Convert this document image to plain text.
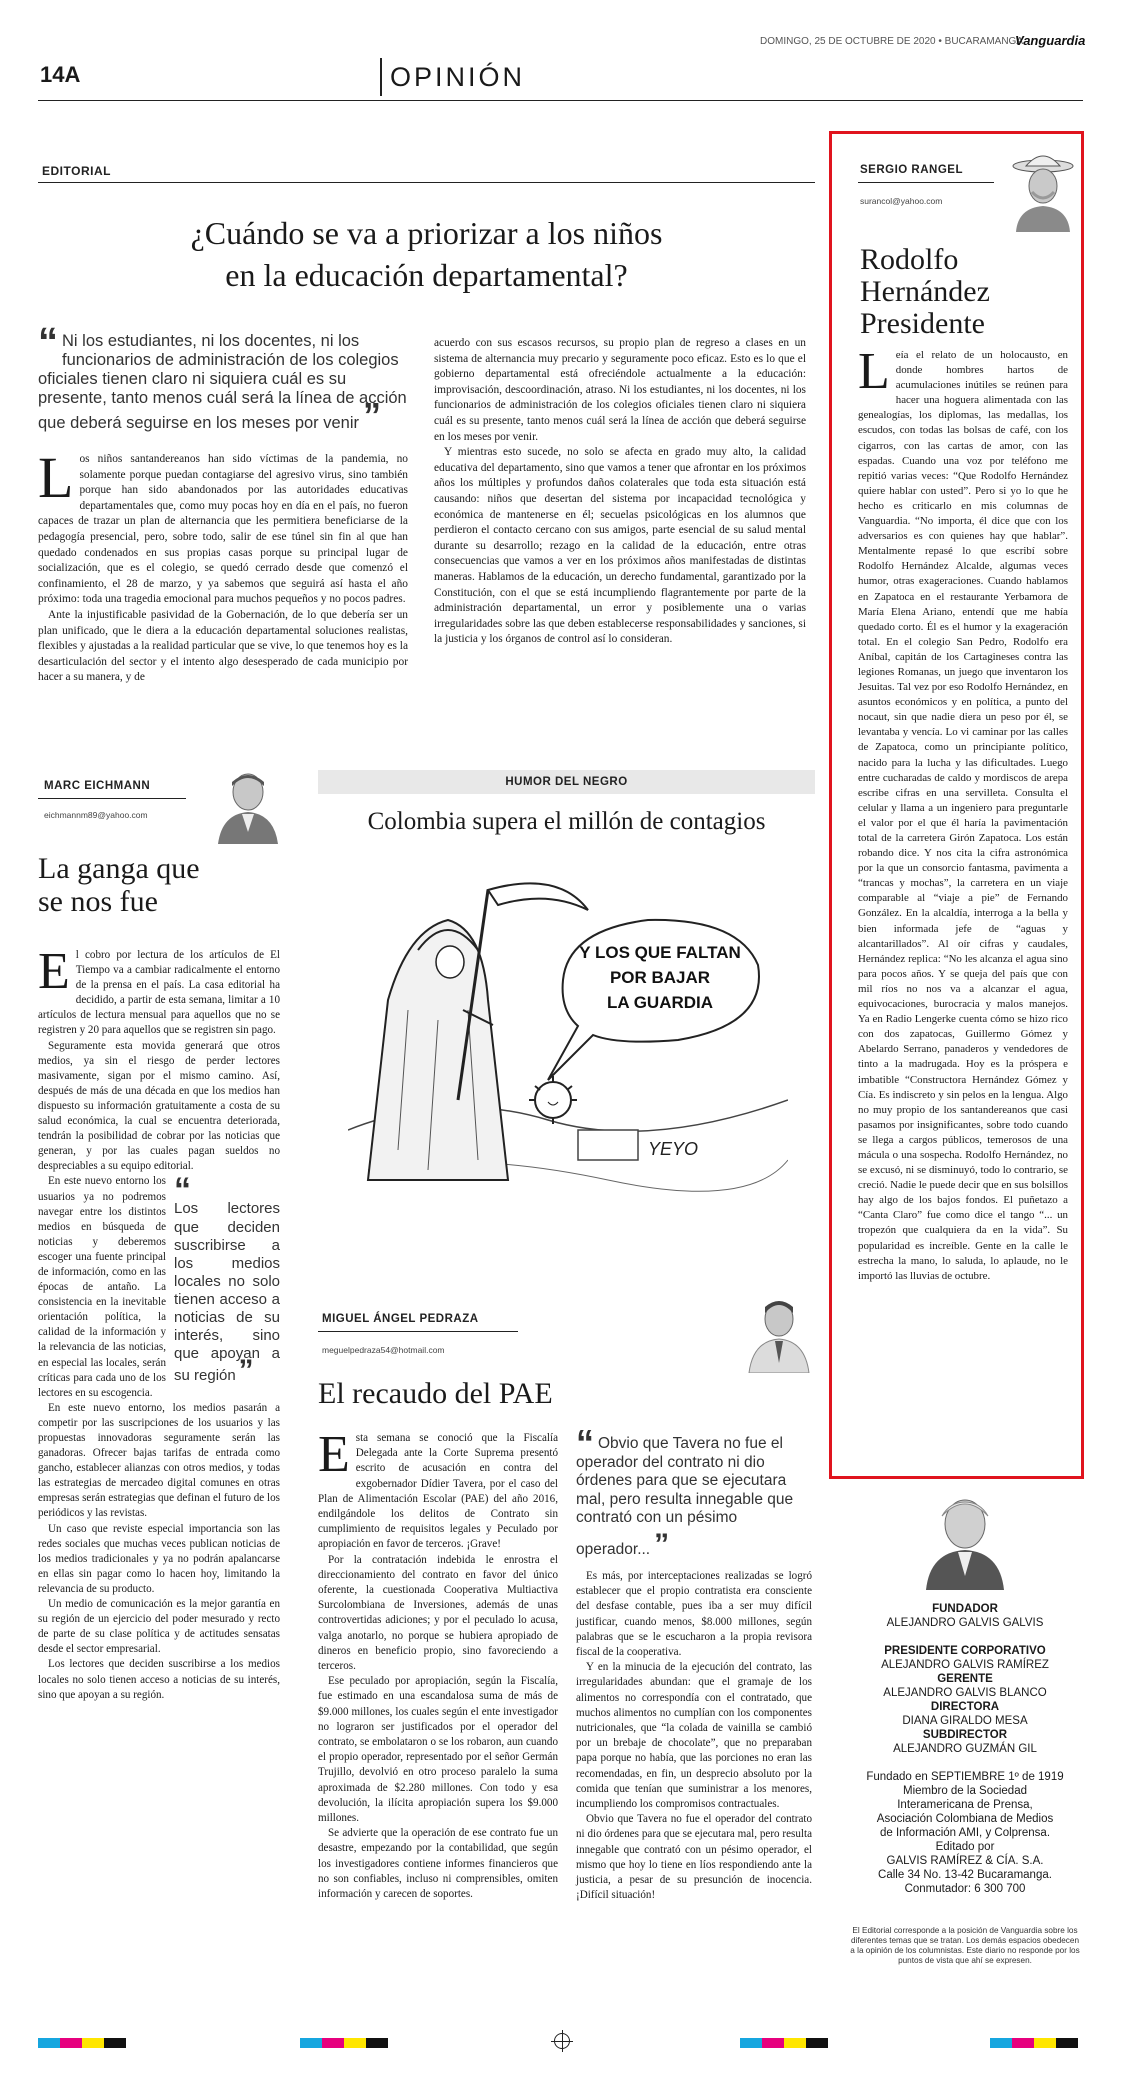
DOMINGO, 25 DE OCTUBRE DE 2020 • BUCARAMANGA
Vanguardia
14A	OPINIÓN
EDITORIAL
¿Cuándo se va a priorizar a los niños
en la educación departamental?
“ Ni los estudiantes, ni los docentes, ni los funcionarios de administración de los colegios oficiales tienen claro ni siquiera cuál es su presente, tanto menos cuál será la línea de acción que deberá seguirse en los meses por venir ”

Los niños santandereanos han sido víctimas de la pandemia, no solamente porque puedan contagiarse del agresivo virus, sino también porque han sido abandonados por las autoridades educativas departamentales que, como muy pocas hoy en día en el país, no fueron capaces de trazar un plan de alternancia que les permitiera beneficiarse de la pedagogía presencial, pero, sobre todo, salir de ese túnel sin fin al que han quedado condenados en sus propias casas porque su principal lugar de socialización, que es el colegio, se quedó cerrado desde que comenzó el confinamiento, el 28 de marzo, y ya sabemos que seguirá así hasta el año próximo: toda una tragedia emocional para muchos pequeños y no pocos padres.

Ante la injustificable pasividad de la Gobernación, de lo que debería ser un plan unificado, que le diera a la educación departamental soluciones realistas, flexibles y ajustadas a la realidad particular que se vive, lo que tenemos hoy es la desarticulación del sector y el intento algo desesperado de cada municipio por hacer a su manera, y de

acuerdo con sus escasos recursos, su propio plan de regreso a clases en un sistema de alternancia muy precario y seguramente poco eficaz. Esto es lo que el gobierno departamental está ofreciéndole actualmente a la educación: improvisación, descoordinación, atraso. Ni los estudiantes, ni los docentes, ni los funcionarios de administración de los colegios oficiales tienen claro ni siquiera cuál es su presente, tanto menos cuál será la línea de acción que deberá seguirse en los meses por venir.

Y mientras esto sucede, no solo se afecta en grado muy alto, la calidad educativa del departamento, sino que vamos a tener que afrontar en los próximos años los múltiples y profundos daños colaterales que toda esta situación está causando: niños que desertan del sistema por incapacidad tecnológica y económica de mantenerse en él; secuelas psicológicas en los alumnos que perdieron el contacto cercano con sus amigos, parte esencial de su salud mental durante su desarrollo; rezago en la calidad de la educación, entre otras consecuencias que vamos a ver en los próximos años manifestadas de distintas maneras. Hablamos de la educación, un derecho fundamental, garantizado por la Constitución, con el que se está incumpliendo flagrantemente por parte de la administración departamental, un error y posiblemente una o varias irregularidades sobre las que deben establecerse responsabilidades y sanciones, si la justicia y los órganos de control así lo consideran.

SERGIO RANGEL
surancol@yahoo.com
Rodolfo
Hernández
Presidente

Leía el relato de un holocausto, en donde hombres hartos de acumulaciones inútiles se reúnen para hacer una hoguera alimentada con las genealogías, los diplomas, las medallas, los escudos, con todas las bolsas de café, con los cigarros, con las cartas de amor, con las espadas. Cuando una voz por teléfono me repitió varias veces: “Que Rodolfo Hernández quiere hablar con usted”. Pero si yo lo que he hecho es criticarlo en mis columnas de Vanguardia. “No importa, él dice que con los adversarios es con quienes hay que hablar”. Mentalmente repasé lo que escribí sobre Rodolfo Hernández Alcalde, algumas veces humor, otras exageraciones. Cuando hablamos en Zapatoca en el restaurante Yerbamora de María Elena Ariano, entendí que me había quedado corto. Él es el humor y la exageración total. En el colegio San Pedro, Rodolfo era Aníbal, capitán de los Cartagineses contra las legiones Romanas, un juego que inventaron los Jesuitas. Tal vez por eso Rodolfo Hernández, en asuntos económicos y en política, a punto del nocaut, sin que nadie diera un peso por él, se levantaba y vencía. Lo vi caminar por las calles de Zapatoca, como un principiante político, nacido para la lucha y las dificultades. Luego entre cucharadas de caldo y mordiscos de arepa escribe cifras en una servilleta. Consulta el celular y llama a un ingeniero para preguntarle el valor por el que él haría la pavimentación total de la carretera Girón Zapatoca. Los están robando dice. Y nos cita la cifra astronómica por la que un consorcio fantasma, pavimenta a “trancas y mochas”, la carretera en un viaje comparable al “viaje a pie” de Fernando González. En la alcaldía, interroga a la bella y bien informada jefe de “aguas y alcantarillados”. Al oír cifras y caudales, Hernández replica: “No les alcanza el agua sino para pocos años. Y se queja del país que con mil ríos no nos va a alcanzar el agua, equivocaciones, burocracia y malos manejos. Ya en Radio Lengerke cuenta cómo se hizo rico con dos zapatocas, Guillermo Gómez y Abelardo Serrano, panaderos y vendedores de tinto a la madrugada. Hoy es la próspera e imbatible “Constructora Hernández Gómez y Cía. Es indiscreto y sin pelos en la lengua. Algo no muy propio de los santandereanos que casi pasamos por insignificantes, sobre todo cuando se llega a cargos públicos, temerosos de una mácula o una sospecha. Rodolfo Hernández, no se excusó, ni se disminuyó, todo lo contrario, se creció. Nadie le puede decir que en sus bolsillos hay algo de los bajos fondos. El puñetazo a “Canta Claro” fue como dice el tango “... un tropezón que cualquiera da en la vida”. Su popularidad es increíble. Gente en la calle le estrecha la mano, lo saluda, lo aplaude, no le importó las lluvias de octubre.

MARC EICHMANN
eichmannm89@yahoo.com
La ganga que
se nos fue

El cobro por lectura de los artículos de El Tiempo va a cambiar radicalmente el entorno de la prensa en el país. La casa editorial ha decidido, a partir de esta semana, limitar a 10 artículos de lectura mensual para aquellos que no se registren y 20 para aquellos que se registren sin pago.

Seguramente esta movida generará que otros medios, ya sin el riesgo de perder lectores masivamente, sigan por el mismo camino. Así, después de más de una década en que los medios han dispuesto su información gratuitamente a costa de su salud económica, la cual se encuentra deteriorada, tendrán la posibilidad de cobrar por las noticias que generan, y por las cuales pagan sueldos no despreciables a su equipo editorial.

“
Los lectores que deciden suscribirse a los medios locales no solo tienen acceso a noticias de su interés, sino que apoyan a su región ”

En este nuevo entorno los usuarios ya no podremos navegar entre los distintos medios en búsqueda de noticias y deberemos escoger una fuente principal de información, como en las épocas de antaño. La consistencia en la inevitable orientación política, la calidad de la información y la relevancia de las noticias, en especial las locales, serán críticas para cada uno de los lectores en su escogencia.

En este nuevo entorno, los medios pasarán a competir por las suscripciones de los usuarios y las propuestas innovadoras seguramente serán las ganadoras. Ofrecer bajas tarifas de entrada como gancho, establecer alianzas con otros medios, y todas las estrategias de mercadeo digital comunes en otras empresas serán estrategias que definan el futuro de los periódicos y las revistas.

Un caso que reviste especial importancia son las redes sociales que muchas veces publican noticias de los medios tradicionales y ya no podrán apalancarse en ellas sin pagar como lo hacen hoy, limitando la relevancia de su producto.

Un medio de comunicación es la mejor garantía en su región de un ejercicio del poder mesurado y recto de parte de su clase política y de actitudes sensatas desde el sector empresarial.

Los lectores que deciden suscribirse a los medios locales no solo tienen acceso a noticias de su interés, sino que apoyan a su región.

HUMOR DEL NEGRO
Colombia supera el millón de contagios
Y LOS QUE FALTAN
POR BAJAR
LA GUARDIA
YEYO
MIGUEL ÁNGEL PEDRAZA
meguelpedraza54@hotmail.com
El recaudo del PAE

Esta semana se conoció que la Fiscalía Delegada ante la Corte Suprema presentó escrito de acusación en contra del exgobernador Dídier Tavera, por el caso del Plan de Alimentación Escolar (PAE) del año 2016, endilgándole los delitos de Contrato sin cumplimiento de requisitos legales y Peculado por apropiación en favor de terceros. ¡Grave!

Por la contratación indebida le enrostra el direccionamiento del contrato en favor del único oferente, la cuestionada Cooperativa Multiactiva Surcolombiana de Inversiones, además de unas controvertidas adiciones; y por el peculado lo acusa, valga anotarlo, no porque se hubiera apropiado de dineros en beneficio propio, sino favoreciendo a terceros.

Ese peculado por apropiación, según la Fiscalía, fue estimado en una escandalosa suma de más de $9.000 millones, los cuales según el ente investigador no lograron ser justificados por el operador del contrato, se embolataron o se los robaron, aun cuando el propio operador, representado por el señor Germán Trujillo, devolvió en otro proceso paralelo la suma aproximada de $2.280 millones. Con todo y esa devolución, la ilícita apropiación supera los $9.000 millones.

Se advierte que la operación de ese contrato fue un desastre, empezando por la contabilidad, que según los investigadores contiene informes financieros que no son confiables, incluso ni comprensibles, omiten información y carecen de soportes.

“ Obvio que Tavera no fue el operador del contrato ni dio órdenes para que se ejecutara mal, pero resulta innegable que contrató con un pésimo operador... ”

Es más, por interceptaciones realizadas se logró establecer que el propio contratista era consciente del desfase contable, pues iba a ser muy difícil justificar, cuando menos, $8.000 millones, según palabras que se le escucharon a la propia revisora fiscal de la cooperativa.

Y en la minucia de la ejecución del contrato, las irregularidades abundan: que el gramaje de los alimentos no correspondía con el contratado, que muchos alimentos no cumplían con los componentes nutricionales, que “la colada de vainilla se cambió por un brebaje de chocolate”, que no preparaban papa porque no había, que las porciones no eran las recomendadas, en fin, un desprecio absoluto por la comida que tenían que suministrar a los menores, incumpliendo los compromisos contractuales.

Obvio que Tavera no fue el operador del contrato ni dio órdenes para que se ejecutara mal, pero resulta innegable que contrató con un pésimo operador, el mismo que hoy lo tiene en líos respondiendo ante la justicia, a pesar de su presunción de inocencia. ¡Difícil situación!

FUNDADOR
ALEJANDRO GALVIS GALVIS
PRESIDENTE CORPORATIVO
ALEJANDRO GALVIS RAMÍREZ
GERENTE
ALEJANDRO GALVIS BLANCO
DIRECTORA
DIANA GIRALDO MESA
SUBDIRECTOR
ALEJANDRO GUZMÁN GIL
Fundado en SEPTIEMBRE 1º de 1919
Miembro de la Sociedad
Interamericana de Prensa,
Asociación Colombiana de Medios
de Información AMI, y Colprensa.
Editado por
GALVIS RAMÍREZ & CÍA. S.A.
Calle 34 No. 13-42 Bucaramanga.
Conmutador: 6 300 700
El Editorial corresponde a la posición de Vanguardia sobre los diferentes temas que se tratan. Los demás espacios obedecen a la opinión de los columnistas. Este diario no responde por los puntos de vista que ahí se expresen.
